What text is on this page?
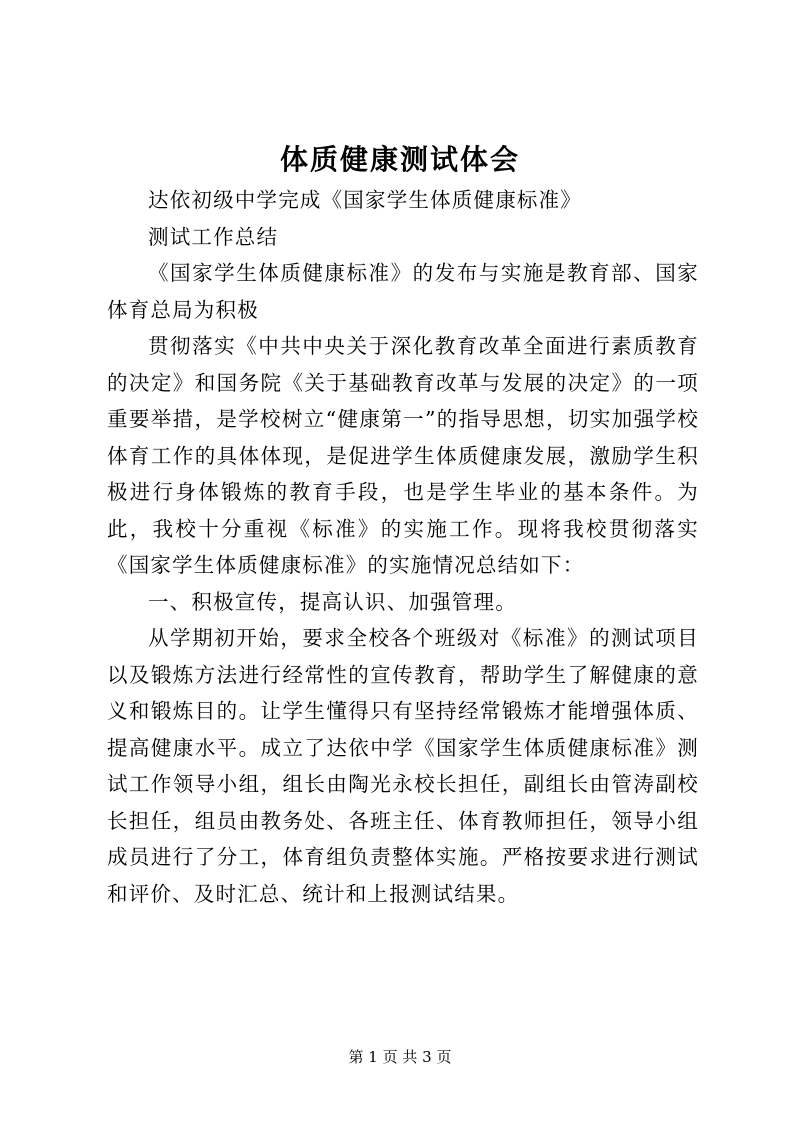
体质健康测试体会

达依初级中学完成《国家学生体质健康标准》

测试工作总结

《国家学生体质健康标准》的发布与实施是教育部、国家体育总局为积极

贯彻落实《中共中央关于深化教育改革全面进行素质教育的决定》和国务院《关于基础教育改革与发展的决定》的一项重要举措，是学校树立“健康第一”的指导思想，切实加强学校体育工作的具体体现，是促进学生体质健康发展，激励学生积极进行身体锻炼的教育手段，也是学生毕业的基本条件。为此，我校十分重视《标准》的实施工作。现将我校贯彻落实《国家学生体质健康标准》的实施情况总结如下：

一、积极宣传，提高认识、加强管理。

从学期初开始，要求全校各个班级对《标准》的测试项目以及锻炼方法进行经常性的宣传教育，帮助学生了解健康的意义和锻炼目的。让学生懂得只有坚持经常锻炼才能增强体质、提高健康水平。成立了达依中学《国家学生体质健康标准》测试工作领导小组，组长由陶光永校长担任，副组长由管涛副校长担任，组员由教务处、各班主任、体育教师担任，领导小组成员进行了分工，体育组负责整体实施。严格按要求进行测试和评价、及时汇总、统计和上报测试结果。

第 1 页 共 3 页
